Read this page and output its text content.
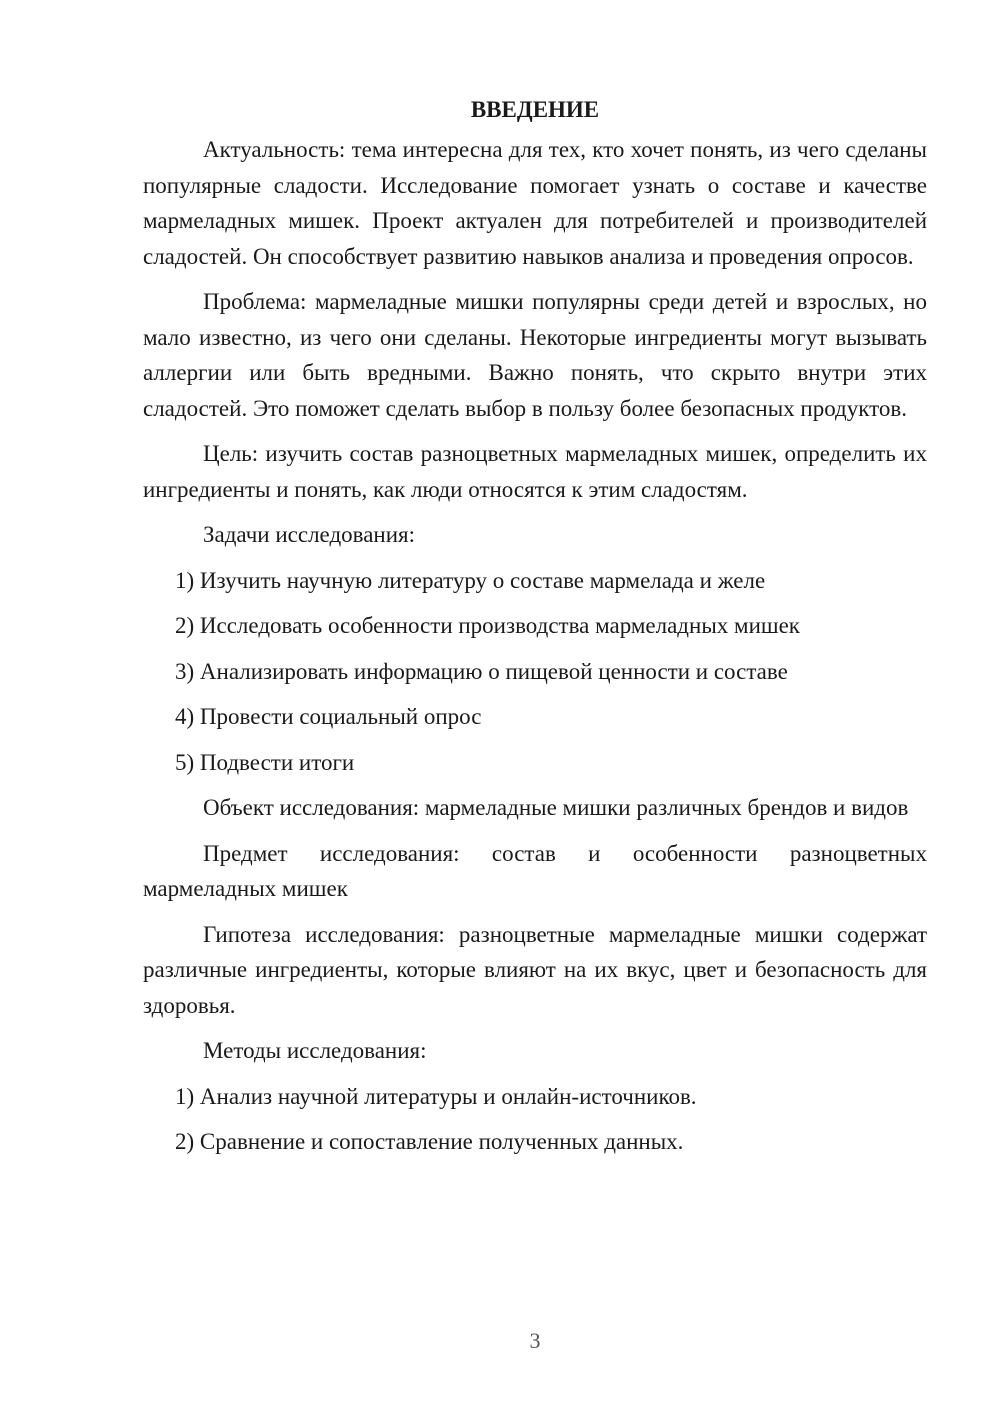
ВВЕДЕНИЕ

Актуальность: тема интересна для тех, кто хочет понять, из чего сделаны популярные сладости. Исследование помогает узнать о составе и качестве мармеладных мишек. Проект актуален для потребителей и производителей сладостей. Он способствует развитию навыков анализа и проведения опросов.

Проблема: мармеладные мишки популярны среди детей и взрослых, но мало известно, из чего они сделаны. Некоторые ингредиенты могут вызывать аллергии или быть вредными. Важно понять, что скрыто внутри этих сладостей. Это поможет сделать выбор в пользу более безопасных продуктов.

Цель: изучить состав разноцветных мармеладных мишек, определить их ингредиенты и понять, как люди относятся к этим сладостям.

Задачи исследования:

1) Изучить научную литературу о составе мармелада и желе
2) Исследовать особенности производства мармеладных мишек
3) Анализировать информацию о пищевой ценности и составе
4) Провести социальный опрос
5) Подвести итоги

Объект исследования: мармеладные мишки различных брендов и видов

Предмет исследования: состав и особенности разноцветных мармеладных мишек

Гипотеза исследования: разноцветные мармеладные мишки содержат различные ингредиенты, которые влияют на их вкус, цвет и безопасность для здоровья.

Методы исследования:

1) Анализ научной литературы и онлайн-источников.
2) Сравнение и сопоставление полученных данных.
3
